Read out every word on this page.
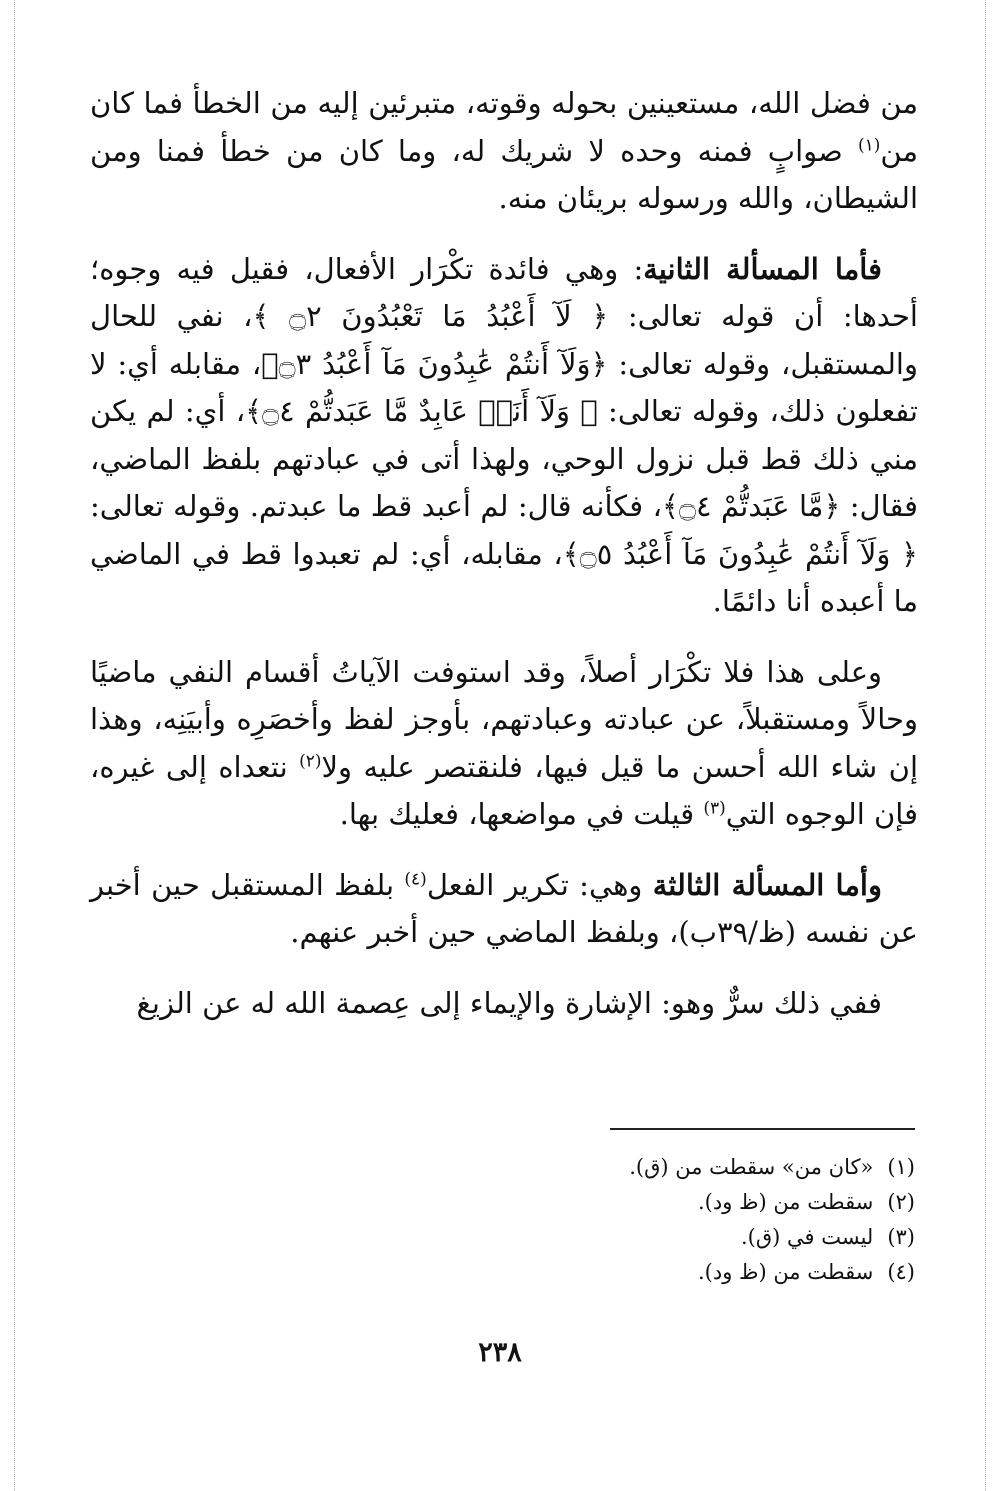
من فضل الله، مستعينين بحوله وقوته، متبرئين إليه من الخطأ فما كان من$^{(١)}$ صوابٍ فمنه وحده لا شريك له، وما كان من خطأ فمنا ومن الشيطان، والله ورسوله بريئان منه.

فأما المسألة الثانية: وهي فائدة تكْرَار الأفعال، فقيل فيه وجوه؛ أحدها: أن قوله تعالى: ﴿ لَآ أَعْبُدُ مَا تَعْبُدُونَ ۝٢ ﴾، نفي للحال والمستقبل، وقوله تعالى: ﴿وَلَآ أَنتُمْ عَٰبِدُونَ مَآ أَعْبُدُ ۝٣﴾، مقابله أي: لا تفعلون ذلك، وقوله تعالى: ﴿ وَلَآ أَنَا۠ عَابِدٌ مَّا عَبَدتُّمْ ۝٤﴾، أي: لم يكن مني ذلك قط قبل نزول الوحي، ولهذا أتى في عبادتهم بلفظ الماضي، فقال: ﴿مَّا عَبَدتُّمْ ۝٤﴾، فكأنه قال: لم أعبد قط ما عبدتم. وقوله تعالى: ﴿ وَلَآ أَنتُمْ عَٰبِدُونَ مَآ أَعْبُدُ ۝٥﴾، مقابله، أي: لم تعبدوا قط في الماضي ما أعبده أنا دائمًا.

وعلى هذا فلا تكْرَار أصلاً، وقد استوفت الآياتُ أقسام النفي ماضيًا وحالاً ومستقبلاً، عن عبادته وعبادتهم، بأوجز لفظ وأخصَرِه وأبيَنِه، وهذا إن شاء الله أحسن ما قيل فيها، فلنقتصر عليه ولا$^{(٢)}$ نتعداه إلى غيره، فإن الوجوه التي$^{(٣)}$ قيلت في مواضعها، فعليك بها.

وأما المسألة الثالثة وهي: تكرير الفعل$^{(٤)}$ بلفظ المستقبل حين أخبر عن نفسه (ظ/٣٩ب)، وبلفظ الماضي حين أخبر عنهم.

ففي ذلك سرٌّ وهو: الإشارة والإيماء إلى عِصمة الله له عن الزيغ

(١)«كان من» سقطت من (ق).
(٢)سقطت من (ظ ود).
(٣)ليست في (ق).
(٤)سقطت من (ظ ود).
٢٣٨
